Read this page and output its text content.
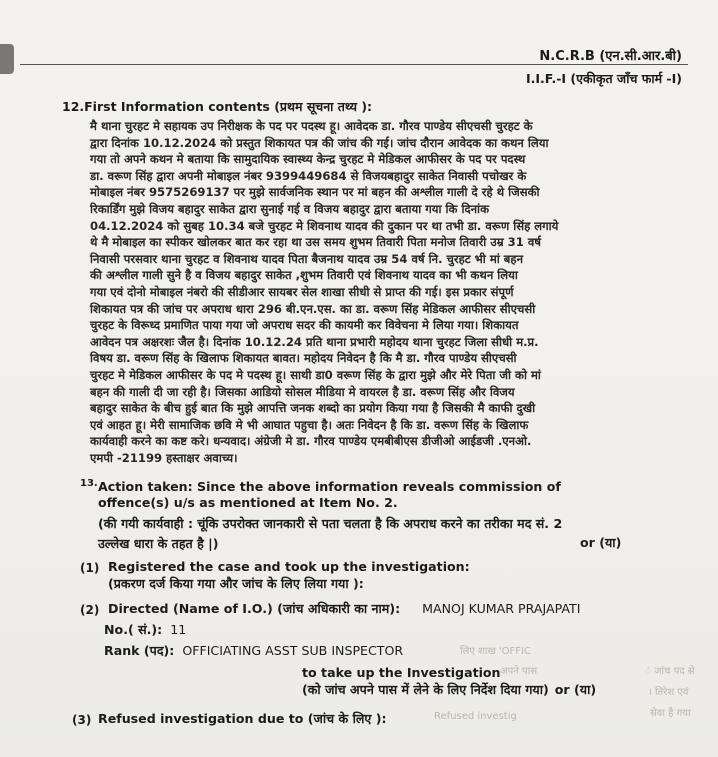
N.C.R.B (एन.सी.आर.बी)
I.I.F.-I (एकीकृत जाँच फार्म -I)
12.First Information contents (प्रथम सूचना तथ्य ):

मै थाना चुरहट मे सहायक उप निरीक्षक के पद पर पदस्थ हू। आवेदक डा. गौरव पाण्डेय सीएचसी चुरहट के
द्वारा दिनांक 10.12.2024 को प्रस्तुत शिकायत पत्र की जांच की गई। जांच दौरान आवेदक का कथन लिया
गया तो अपने कथन मे बताया कि सामुदायिक स्वास्थ्य केन्द्र चुरहट मे मेडिकल आफीसर के पद पर पदस्थ
डा. वरूण सिंह द्वारा अपनी मोबाइल नंबर 9399449684 से विजयबहादुर साकेत निवासी पचोखर के
मोबाइल नंबर 9575269137 पर मुझे सार्वजनिक स्थान पर मां बहन की अश्लील गाली दे रहे थे जिसकी
रिकार्डिंग मुझे विजय बहादुर साकेत द्वारा सुनाई गई व विजय बहादुर द्वारा बताया गया कि दिनांक
04.12.2024 को सुबह 10.34 बजे चुरहट मे शिवनाथ यादव की दुकान पर था तभी डा. वरूण सिंह लगाये
थे मै मोबाइल का स्पीकर खोलकर बात कर रहा था उस समय शुभम तिवारी पिता मनोज तिवारी उम्र 31 वर्ष
निवासी परसवार थाना चुरहट व शिवनाथ यादव पिता बैजनाथ यादव उम्र 54 वर्ष नि. चुरहट भी मां बहन
की अश्लील गाली सुने है व विजय बहादुर साकेत ,शुभम तिवारी एवं शिवनाथ यादव का भी कथन लिया
गया एवं दोनो मोबाइल नंबरो की सीडीआर सायबर सेल शाखा सीधी से प्राप्त की गई। इस प्रकार संपूर्ण
शिकायत पत्र की जांच पर अपराध धारा 296 बी.एन.एस. का डा. वरूण सिंह मेडिकल आफीसर सीएचसी
चुरहट के विरूध्द प्रमाणित पाया गया जो अपराध सदर की कायमी कर विवेचना मे लिया गया। शिकायत
आवेदन पत्र अक्षरशः जैल है। दिनांक 10.12.24 प्रति थाना प्रभारी महोदय थाना चुरहट जिला सीधी म.प्र.
विषय डा. वरूण सिंह के खिलाफ शिकायत बावत। महोदय निवेदन है कि मै डा. गौरव पाण्डेय सीएचसी
चुरहट मे मेडिकल आफीसर के पद मे पदस्थ हू। साथी डा0 वरूण सिंह के द्वारा मुझे और मेरे पिता जी को मां
बहन की गाली दी जा रही है। जिसका आडियो सोसल मीडिया मे वायरल है डा. वरूण सिंह और विजय
बहादुर साकेत के बीच हुई बात कि मुझे आपत्ति जनक शब्दो का प्रयोग किया गया है जिसकी मै काफी दुखी
एवं आहत हू। मेरी सामाजिक छवि मे भी आघात पहुचा है। अतः निवेदन है कि डा. वरूण सिंह के खिलाफ
कार्यवाही करने का कष्ट करे। धन्यवाद। अंग्रेजी मे डा. गौरव पाण्डेय एमबीबीएस डीजीओ आईडजी .एनओ.
एमपी -21199 हस्ताक्षर अवाच्य।

13. Action taken: Since the above information reveals commission of offence(s) u/s as mentioned at Item No. 2.
(की गयी कार्यवाही : चूंकि उपरोक्त जानकारी से पता चलता है कि अपराध करने का तरीका मद सं. 2
उल्लेख धारा के तहत है |)	or (या)
(1) Registered the case and took up the investigation:
(प्रकरण दर्ज किया गया और जांच के लिए लिया गया ):
(2) Directed (Name of I.O.) (जांच अधिकारी का नाम): MANOJ KUMAR PRAJAPATI
No.( सं.): 11
Rank (पद): OFFICIATING ASST SUB INSPECTOR
to take up the Investigation
(को जांच अपने पास में लेने के लिए निर्देश दिया गया) or (या)
(3) Refused investigation due to (जांच के लिए ):
लिए शाख 'OFFIC
अपने पास	ं जांच पद से
। तिरेश एवं
सेवा है गया
Refused investig
